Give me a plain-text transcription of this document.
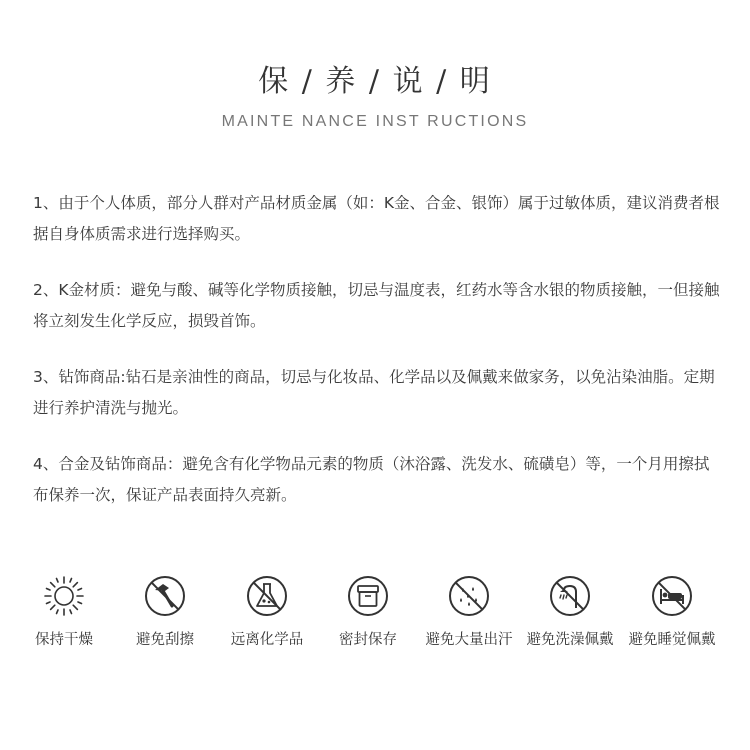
保 / 养 / 说 / 明
MAINTE NANCE INST RUCTIONS

1、由于个人体质，部分人群对产品材质金属（如：K金、合金、银饰）属于过敏体质，建议消费者根据自身体质需求进行选择购买。

2、K金材质：避免与酸、碱等化学物质接触，切忌与温度表，红药水等含水银的物质接触，一但接触将立刻发生化学反应，损毁首饰。

3、钻饰商品:钻石是亲油性的商品，切忌与化妆品、化学品以及佩戴来做家务，以免沾染油脂。定期进行养护清洗与抛光。

4、合金及钻饰商品：避免含有化学物品元素的物质（沐浴露、洗发水、硫磺皂）等，一个月用擦拭布保养一次，保证产品表面持久亮新。

保持干燥	避免刮擦	远离化学品	密封保存	避免大量出汗 避免洗澡佩戴	避免睡觉佩戴
